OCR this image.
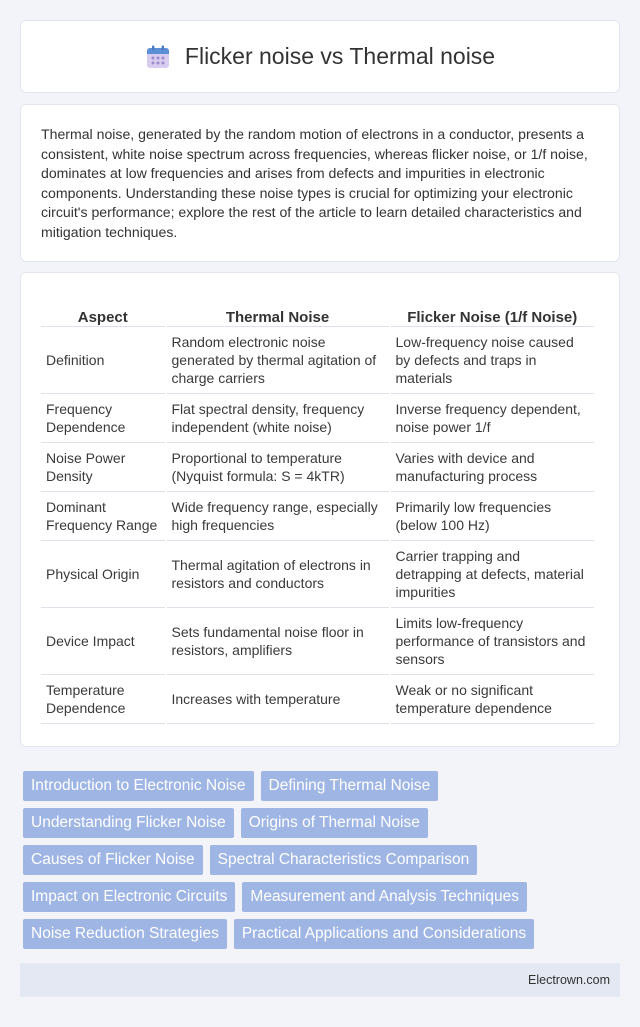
Flicker noise vs Thermal noise

Thermal noise, generated by the random motion of electrons in a conductor, presents a consistent, white noise spectrum across frequencies, whereas flicker noise, or 1/f noise, dominates at low frequencies and arises from defects and impurities in electronic components. Understanding these noise types is crucial for optimizing your electronic circuit's performance; explore the rest of the article to learn detailed characteristics and mitigation techniques.

Aspect	Thermal Noise	Flicker Noise (1/f Noise)
Definition	Random electronic noise generated by thermal agitation of charge carriers	Low-frequency noise caused by defects and traps in materials
Frequency Dependence	Flat spectral density, frequency independent (white noise)	Inverse frequency dependent, noise power 1/f
Noise Power Density	Proportional to temperature (Nyquist formula: S = 4kTR)	Varies with device and manufacturing process
Dominant Frequency Range	Wide frequency range, especially high frequencies	Primarily low frequencies (below 100 Hz)
Physical Origin	Thermal agitation of electrons in resistors and conductors	Carrier trapping and detrapping at defects, material impurities
Device Impact	Sets fundamental noise floor in resistors, amplifiers	Limits low-frequency performance of transistors and sensors
Temperature Dependence	Increases with temperature	Weak or no significant temperature dependence
Introduction to Electronic Noise	Defining Thermal Noise
Understanding Flicker Noise	Origins of Thermal Noise
Causes of Flicker Noise	Spectral Characteristics Comparison
Impact on Electronic Circuits	Measurement and Analysis Techniques
Noise Reduction Strategies	Practical Applications and Considerations
Electrown.com
